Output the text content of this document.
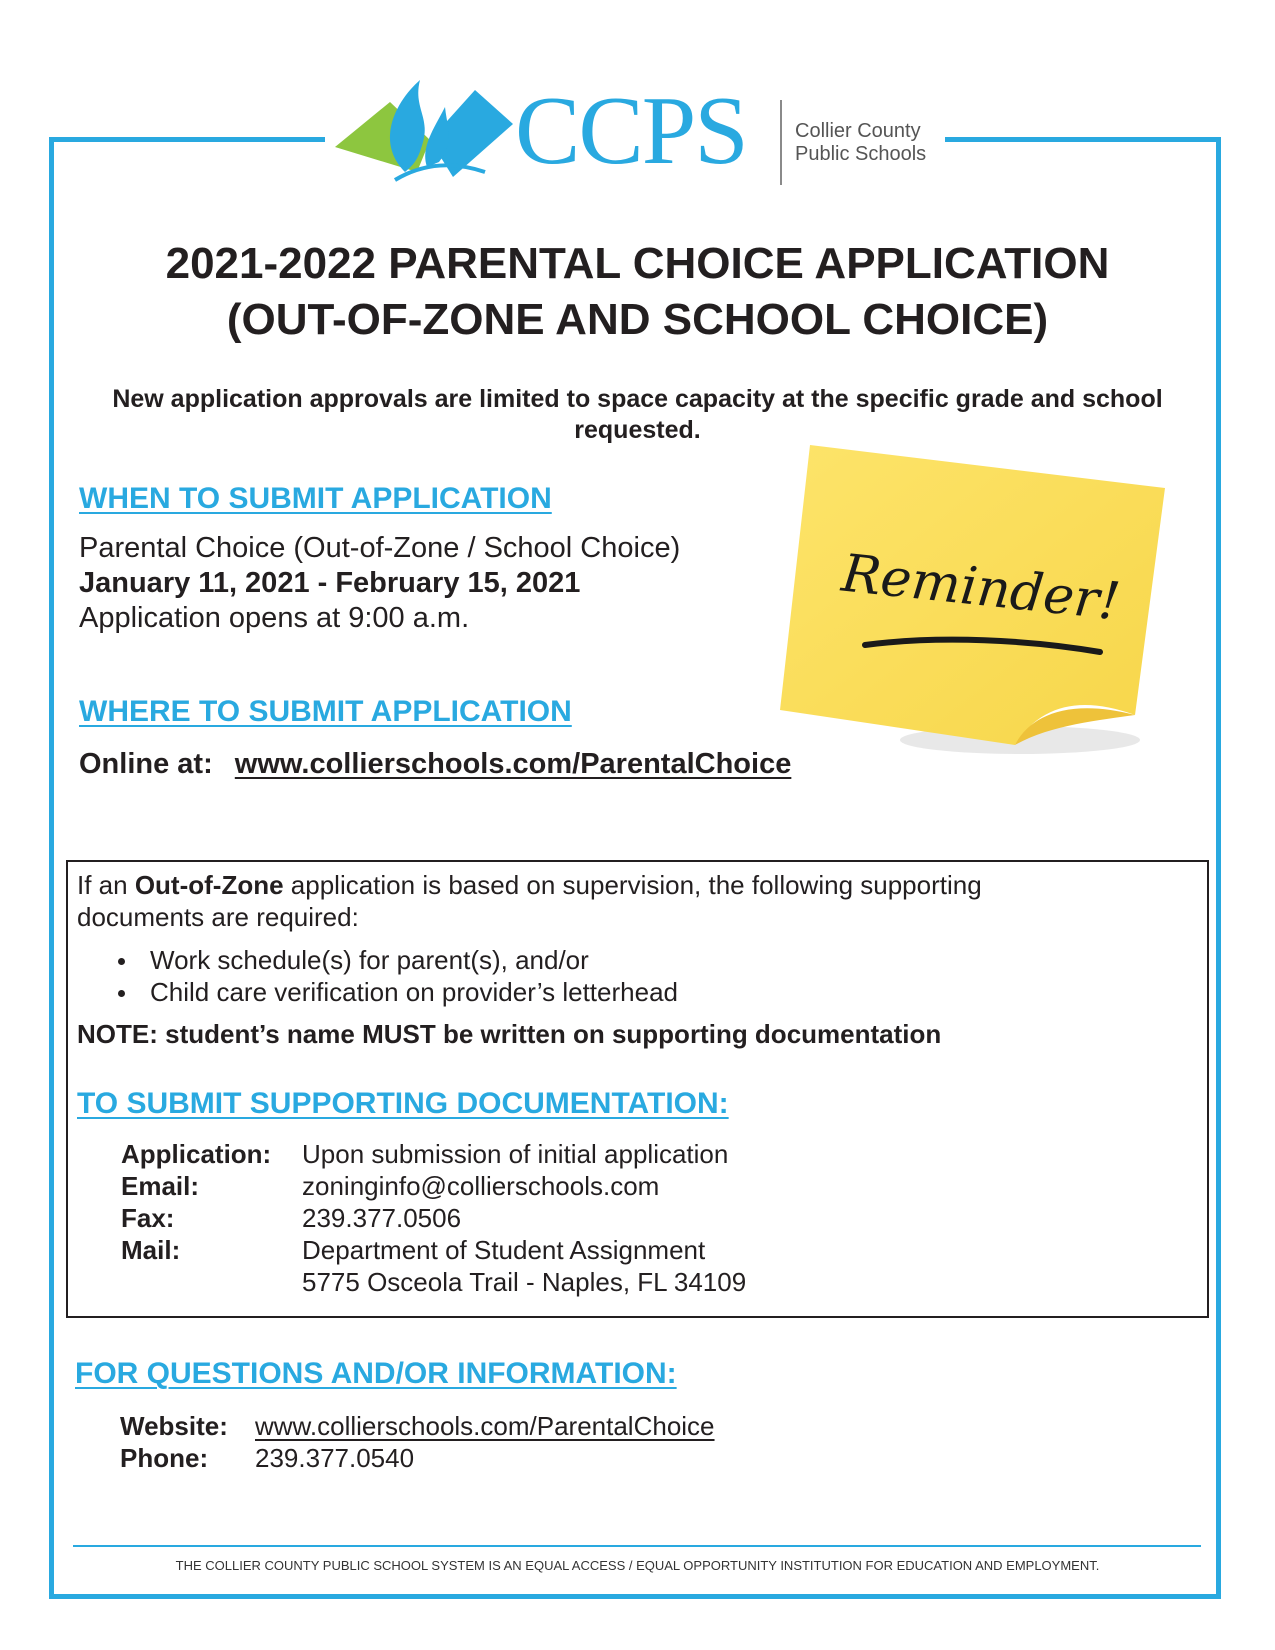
CCPS Collier County
Public Schools
2021-2022 PARENTAL CHOICE APPLICATION
(OUT-OF-ZONE AND SCHOOL CHOICE)
New application approvals are limited to space capacity at the specific grade and school requested.
WHEN TO SUBMIT APPLICATION
Parental Choice (Out-of-Zone / School Choice)
January 11, 2021 - February 15, 2021
Application opens at 9:00 a.m.	Reminder!
WHERE TO SUBMIT APPLICATION
Online at: www.collierschools.com/ParentalChoice
If an Out-of-Zone application is based on supervision, the following supporting
documents are required:
Work schedule(s) for parent(s), and/or
Child care verification on provider’s letterhead
NOTE: student’s name MUST be written on supporting documentation
TO SUBMIT SUPPORTING DOCUMENTATION:
Application: Upon submission of initial application
Email:	zoninginfo@collierschools.com
Fax:	239.377.0506
Mail:	Department of Student Assignment
5775 Osceola Trail - Naples, FL 34109
FOR QUESTIONS AND/OR INFORMATION:
Website: www.collierschools.com/ParentalChoice
Phone: 239.377.0540
THE COLLIER COUNTY PUBLIC SCHOOL SYSTEM IS AN EQUAL ACCESS / EQUAL OPPORTUNITY INSTITUTION FOR EDUCATION AND EMPLOYMENT.
